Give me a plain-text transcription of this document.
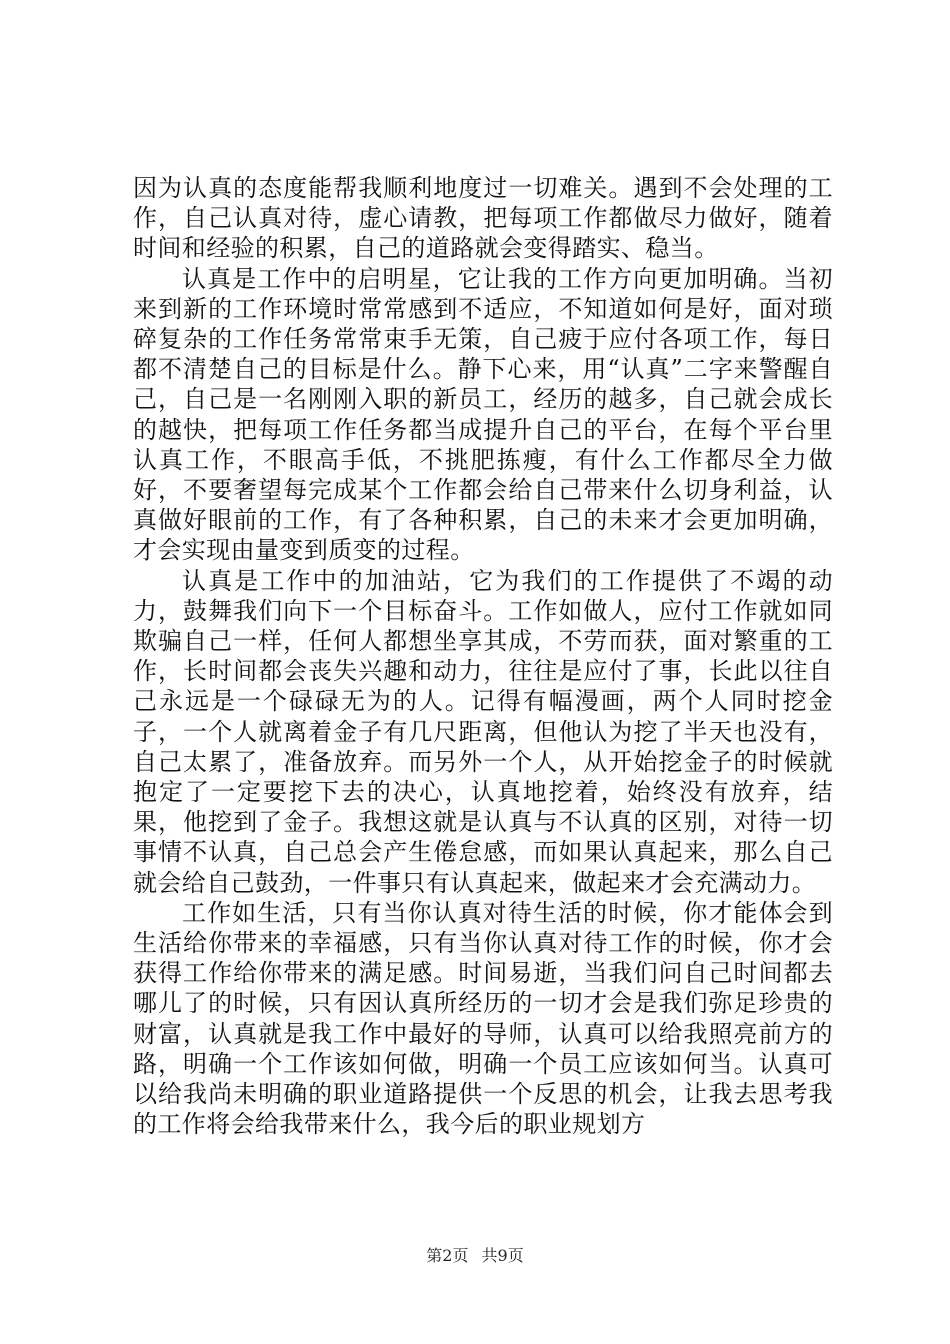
因为认真的态度能帮我顺利地度过一切难关。遇到不会处理的工作，自己认真对待，虚心请教，把每项工作都做尽力做好，随着时间和经验的积累，自己的道路就会变得踏实、稳当。

认真是工作中的启明星，它让我的工作方向更加明确。当初来到新的工作环境时常常感到不适应，不知道如何是好，面对琐碎复杂的工作任务常常束手无策，自己疲于应付各项工作，每日都不清楚自己的目标是什么。静下心来，用“认真”二字来警醒自己，自己是一名刚刚入职的新员工，经历的越多，自己就会成长的越快，把每项工作任务都当成提升自己的平台，在每个平台里认真工作，不眼高手低，不挑肥拣瘦，有什么工作都尽全力做好，不要奢望每完成某个工作都会给自己带来什么切身利益，认真做好眼前的工作，有了各种积累，自己的未来才会更加明确，才会实现由量变到质变的过程。

认真是工作中的加油站，它为我们的工作提供了不竭的动力，鼓舞我们向下一个目标奋斗。工作如做人，应付工作就如同欺骗自己一样，任何人都想坐享其成，不劳而获，面对繁重的工作，长时间都会丧失兴趣和动力，往往是应付了事，长此以往自己永远是一个碌碌无为的人。记得有幅漫画，两个人同时挖金子，一个人就离着金子有几尺距离，但他认为挖了半天也没有，自己太累了，准备放弃。而另外一个人，从开始挖金子的时候就抱定了一定要挖下去的决心，认真地挖着，始终没有放弃，结果，他挖到了金子。我想这就是认真与不认真的区别，对待一切事情不认真，自己总会产生倦怠感，而如果认真起来，那么自己就会给自己鼓劲，一件事只有认真起来，做起来才会充满动力。

工作如生活，只有当你认真对待生活的时候，你才能体会到生活给你带来的幸福感，只有当你认真对待工作的时候，你才会获得工作给你带来的满足感。时间易逝，当我们问自己时间都去哪儿了的时候，只有因认真所经历的一切才会是我们弥足珍贵的财富，认真就是我工作中最好的导师，认真可以给我照亮前方的路，明确一个工作该如何做，明确一个员工应该如何当。认真可以给我尚未明确的职业道路提供一个反思的机会，让我去思考我的工作将会给我带来什么，我今后的职业规划方

第2页 共9页
